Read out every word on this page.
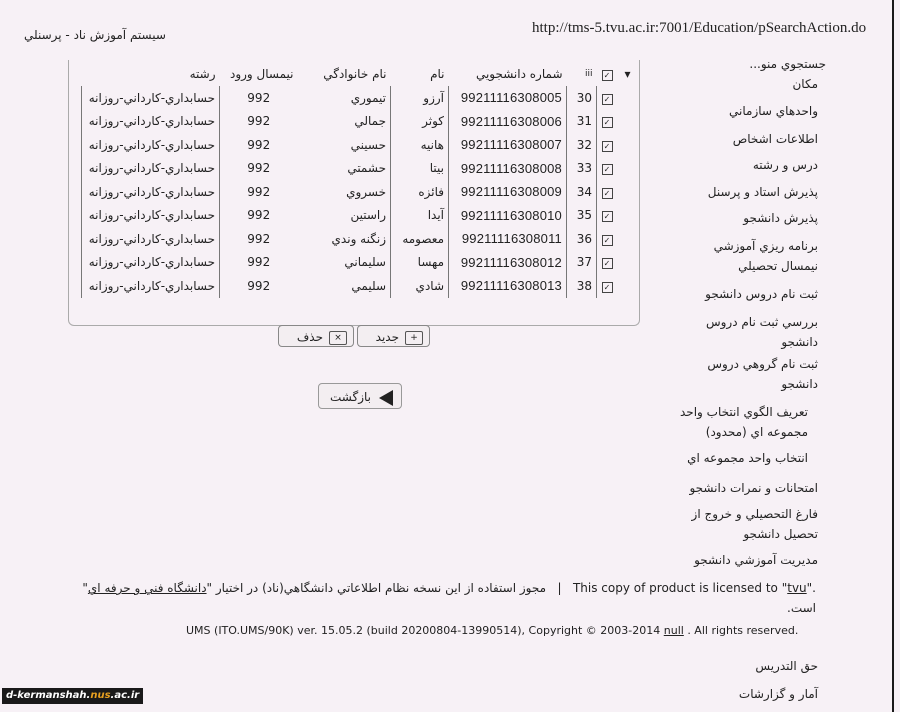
http://tms-5.tvu.ac.ir:7001/Education/pSearchAction.do
سيستم آموزش ناد - پرسنلي
جستجوي منو...
مكان
واحدهاي سازماني
اطلاعات اشخاص
درس و رشته
پذيرش استاد و پرسنل
پذيرش دانشجو
برنامه ريزي آموزشي
نيمسال تحصيلي
ثبت نام دروس دانشجو
بررسي ثبت نام دروس
دانشجو
ثبت نام گروهي دروس
دانشجو
تعريف الگوي انتخاب واحد
مجموعه اي (محدود)
انتخاب واحد مجموعه اي
امتحانات و نمرات دانشجو
فارغ التحصيلي و خروج از
تحصيل دانشجو
مديريت آموزشي دانشجو
حق التدريس
آمار و گزارشات
▾	✓	iii	شماره دانشجويي	نام	نام خانوادگي	نيمسال ورود	رشته
	✓	30	99211116308005	آرزو	تيموري	992	حسابداري-كارداني-روزانه
	✓	31	99211116308006	كوثر	جمالي	992	حسابداري-كارداني-روزانه
	✓	32	99211116308007	هانيه	حسيني	992	حسابداري-كارداني-روزانه
	✓	33	99211116308008	بيتا	حشمتي	992	حسابداري-كارداني-روزانه
	✓	34	99211116308009	فائزه	خسروي	992	حسابداري-كارداني-روزانه
	✓	35	99211116308010	آيدا	راستين	992	حسابداري-كارداني-روزانه
	✓	36	99211116308011	معصومه	زنگنه وندي	992	حسابداري-كارداني-روزانه
	✓	37	99211116308012	مهسا	سليماني	992	حسابداري-كارداني-روزانه
	✓	38	99211116308013	شادي	سليمي	992	حسابداري-كارداني-روزانه
+جديد
×حذف
بازگشت
This copy of product is licensed to "tvu".   |   مجوز استفاده از اين نسخه نظام اطلاعاتي دانشگاهي(ناد) در اختيار "دانشگاه فني و حرفه اي" است.
UMS (ITO.UMS/90K) ver. 15.05.2 (build 20200804-13990514), Copyright © 2003-2014 null . All rights reserved.
d-kermanshah.nus.ac.ir
